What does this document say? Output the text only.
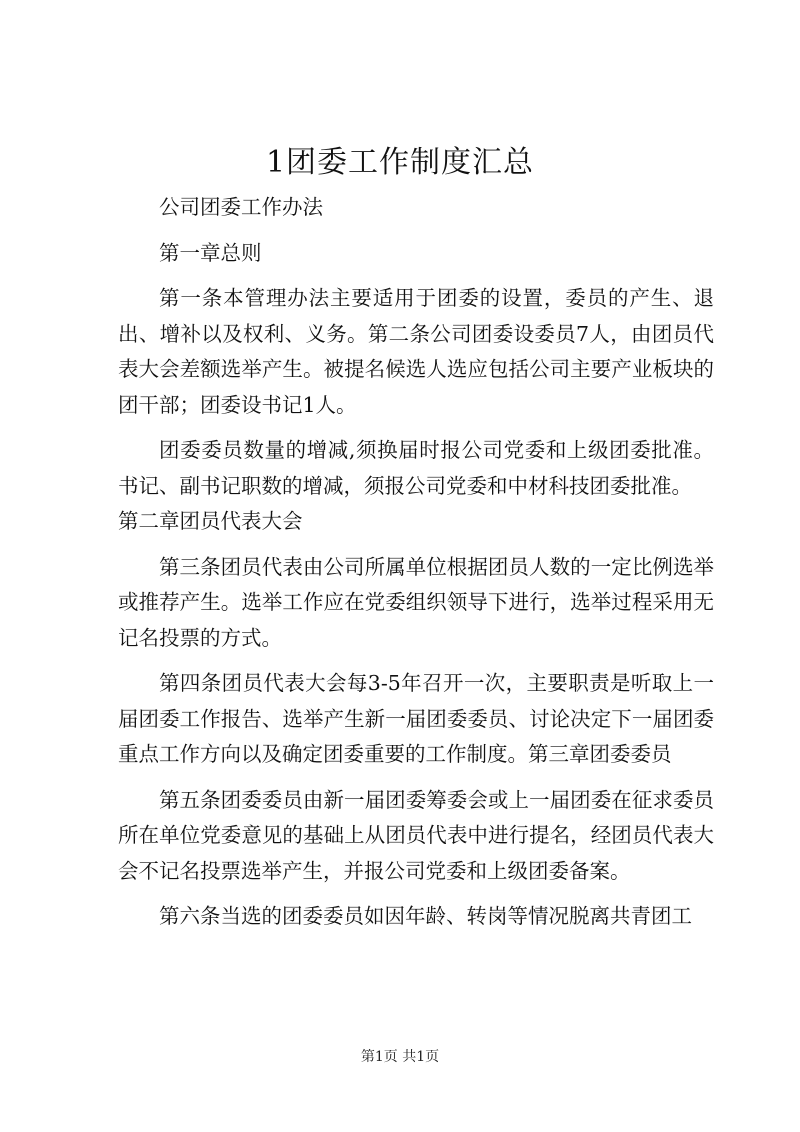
1团委工作制度汇总

公司团委工作办法

第一章总则

第一条本管理办法主要适用于团委的设置，委员的产生、退出、增补以及权利、义务。第二条公司团委设委员7人，由团员代表大会差额选举产生。被提名候选人选应包括公司主要产业板块的团干部；团委设书记1人。

团委委员数量的增减,须换届时报公司党委和上级团委批准。书记、副书记职数的增减，须报公司党委和中材科技团委批准。

第二章团员代表大会

第三条团员代表由公司所属单位根据团员人数的一定比例选举或推荐产生。选举工作应在党委组织领导下进行，选举过程采用无记名投票的方式。

第四条团员代表大会每3-5年召开一次，主要职责是听取上一届团委工作报告、选举产生新一届团委委员、讨论决定下一届团委重点工作方向以及确定团委重要的工作制度。第三章团委委员

第五条团委委员由新一届团委筹委会或上一届团委在征求委员所在单位党委意见的基础上从团员代表中进行提名，经团员代表大会不记名投票选举产生，并报公司党委和上级团委备案。

第六条当选的团委委员如因年龄、转岗等情况脱离共青团工

第1页 共1页
